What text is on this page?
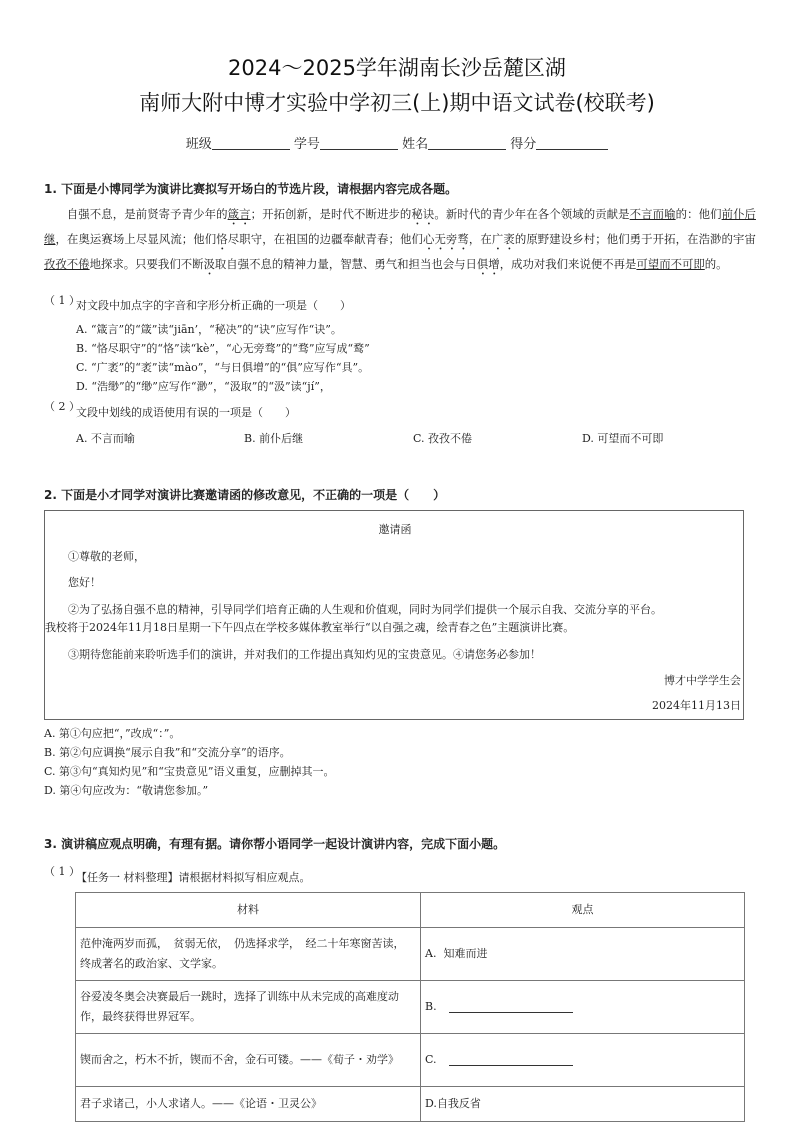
2024～2025学年湖南长沙岳麓区湖
南师大附中博才实验中学初三(上)期中语文试卷(校联考)
班级	学号	姓名	得分
1. 下面是小博同学为演讲比赛拟写开场白的节选片段，请根据内容完成各题。

自强不息，是前贤寄予青少年的箴言；开拓创新，是时代不断进步的秘诀。新时代的青少年在各个领域的贡献是不言而喻的：他们前仆后继，在奥运赛场上尽显风流；他们恪尽职守，在祖国的边疆奉献青春；他们心无旁骛，在广袤的原野建设乡村；他们勇于开拓，在浩渺的宇宙孜孜不倦地探求。只要我们不断汲取自强不息的精神力量，智慧、勇气和担当也会与日俱增，成功对我们来说便不再是可望而不可即的。

（ 1 ）
对文段中加点字的字音和字形分析正确的一项是（　　）
A. “箴言”的“箴”读“jiān’，“秘决”的“诀”应写作“诀”。
B. “恪尽职守”的“恪”读“kè”，“心无旁骛”的“骛”应写成“鹜”
C. “广袤”的“袤”读“mào”，“与日俱增”的“俱”应写作“具”。
D. “浩缈”的“缈”应写作“渺”，“汲取”的“汲”读“jí”，
（ 2 ）
文段中划线的成语使用有误的一项是（　　）
A. 不言而喻	B. 前仆后继	C. 孜孜不倦	D. 可望而不可即
2. 下面是小才同学对演讲比赛邀请函的修改意见，不正确的一项是（　　）
邀请函
①尊敬的老师，
您好！
②为了弘扬自强不息的精神，引导同学们培育正确的人生观和价值观，同时为同学们提供一个展示自我、交流分享的平台。
我校将于2024年11月18日星期一下午四点在学校多媒体教室举行“以自强之魂，绘青春之色”主题演讲比赛。
③期待您能前来聆听选手们的演讲，并对我们的工作提出真知灼见的宝贵意见。④请您务必参加！
博才中学学生会
2024年11月13日
A. 第①句应把“，”改成“：”。
B. 第②句应调换“展示自我”和“交流分享”的语序。
C. 第③句“真知灼见”和“宝贵意见”语义重复，应删掉其一。
D. 第④句应改为：“敬请您参加。”
3. 演讲稿应观点明确，有理有据。请你帮小语同学一起设计演讲内容，完成下面小题。
（ 1 ）
【任务一 材料整理】请根据材料拟写相应观点。
材料	观点
范仲淹两岁而孤，　贫弱无依，　仍选择求学，　经二十年寒窗苦读，　终成著名的政治家、文学家。	A. 知难而进
谷爱凌冬奥会决赛最后一跳时，选择了训练中从未完成的高难度动作，最终获得世界冠军。	B.
锲而舍之，朽木不折，锲而不舍，金石可镂。——《荀子・劝学》	C.
君子求诸己，小人求诸人。——《论语・卫灵公》	D.自我反省
